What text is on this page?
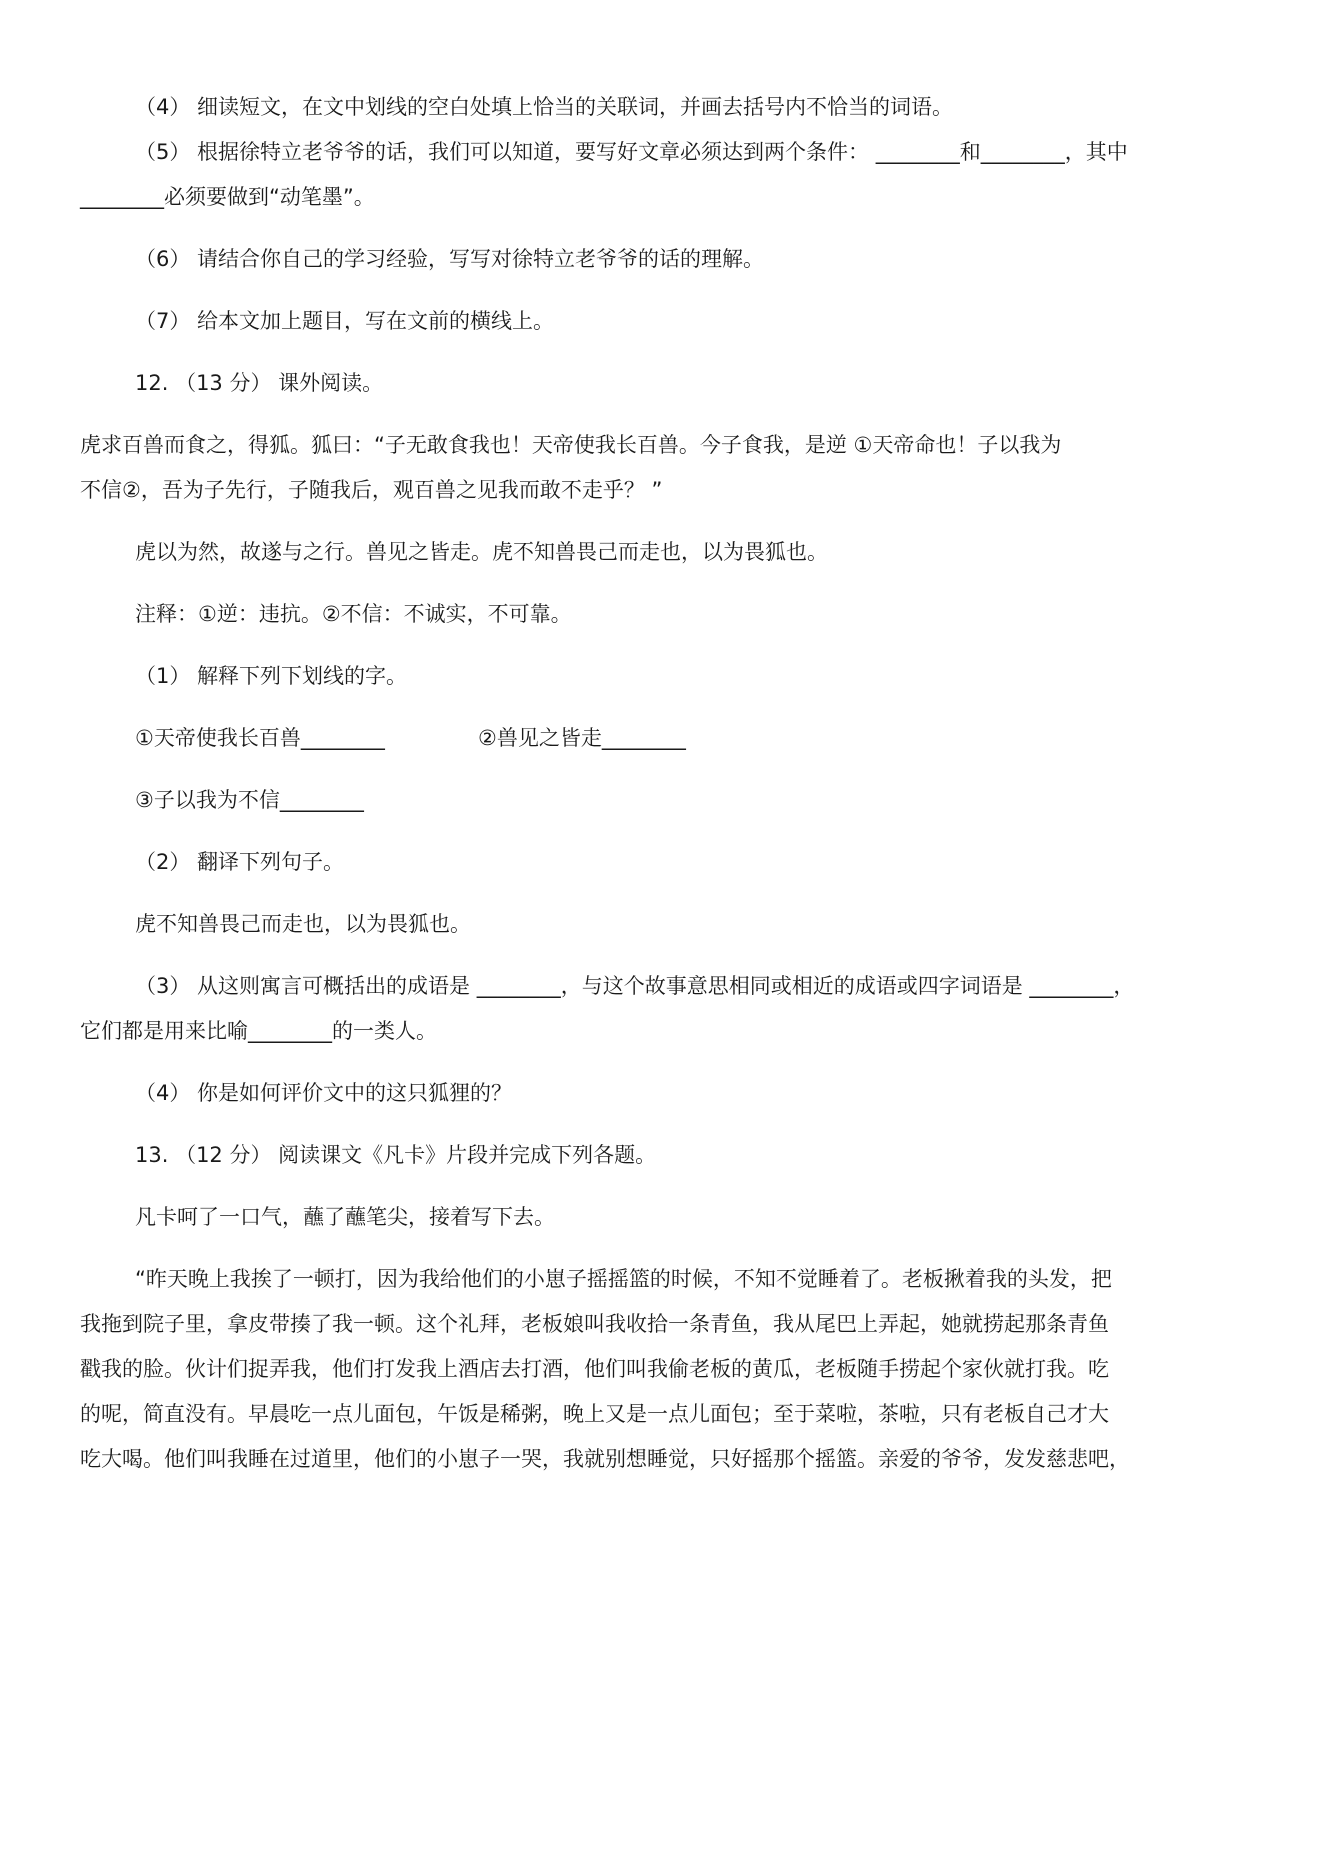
（4） 细读短文，在文中划线的空白处填上恰当的关联词，并画去括号内不恰当的词语。
（5） 根据徐特立老爷爷的话，我们可以知道，要写好文章必须达到两个条件： ________和________，其中
________必须要做到“动笔墨”。
（6） 请结合你自己的学习经验，写写对徐特立老爷爷的话的理解。
（7） 给本文加上题目，写在文前的横线上。
12. （13 分） 课外阅读。
虎求百兽而食之，得狐。狐曰：“子无敢食我也！天帝使我长百兽。今子食我，是逆 ①天帝命也！子以我为
不信②，吾为子先行，子随我后，观百兽之见我而敢不走乎？ ”
虎以为然，故遂与之行。兽见之皆走。虎不知兽畏己而走也，以为畏狐也。
注释：①逆：违抗。②不信：不诚实，不可靠。
（1） 解释下列下划线的字。
①天帝使我长百兽________	②兽见之皆走________
③子以我为不信________
（2） 翻译下列句子。
虎不知兽畏己而走也，以为畏狐也。
（3） 从这则寓言可概括出的成语是 ________，与这个故事意思相同或相近的成语或四字词语是 ________，
它们都是用来比喻________的一类人。
（4） 你是如何评价文中的这只狐狸的？
13. （12 分） 阅读课文《凡卡》片段并完成下列各题。
凡卡呵了一口气，蘸了蘸笔尖，接着写下去。
“昨天晚上我挨了一顿打，因为我给他们的小崽子摇摇篮的时候，不知不觉睡着了。老板揪着我的头发，把
我拖到院子里，拿皮带揍了我一顿。这个礼拜，老板娘叫我收拾一条青鱼，我从尾巴上弄起，她就捞起那条青鱼
戳我的脸。伙计们捉弄我，他们打发我上酒店去打酒，他们叫我偷老板的黄瓜，老板随手捞起个家伙就打我。吃
的呢，简直没有。早晨吃一点儿面包，午饭是稀粥，晚上又是一点儿面包；至于菜啦，茶啦，只有老板自己才大
吃大喝。他们叫我睡在过道里，他们的小崽子一哭，我就别想睡觉，只好摇那个摇篮。亲爱的爷爷，发发慈悲吧，
